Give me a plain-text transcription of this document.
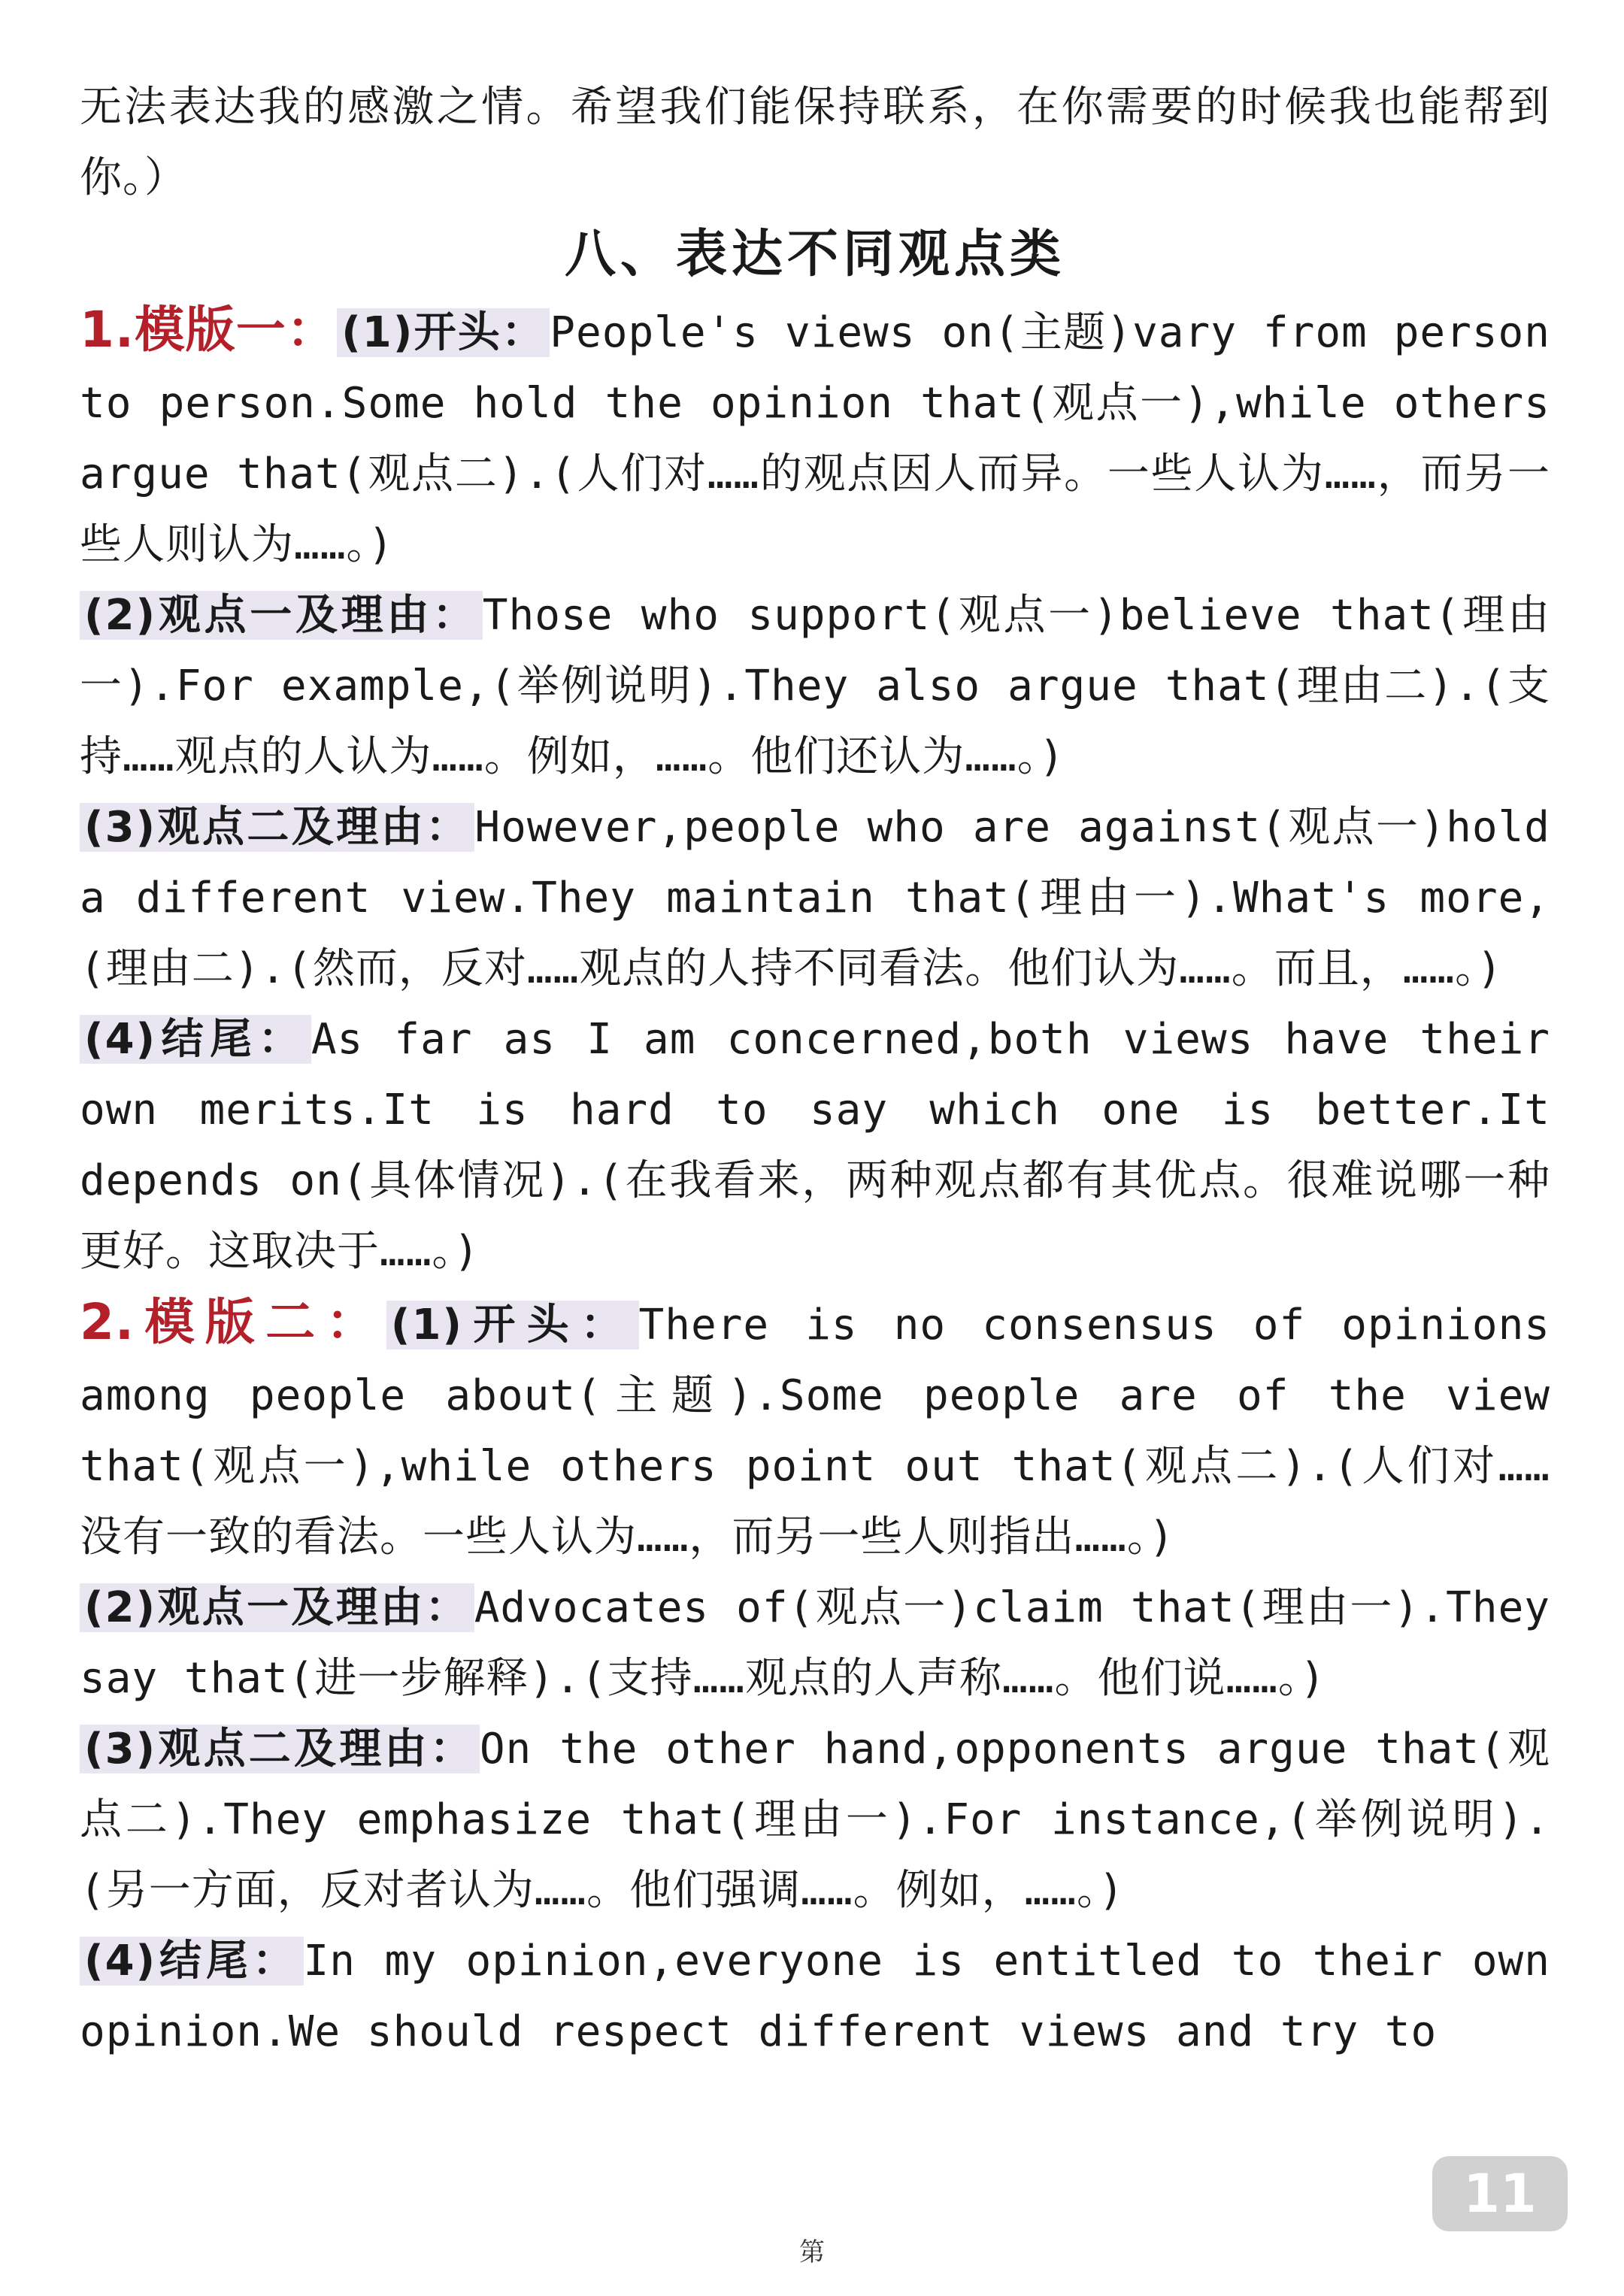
无法表达我的感激之情。希望我们能保持联系，在你需要的时候我也能帮到你。）

八、表达不同观点类

1.模版一： (1)开头： People's views on(主题)vary from person to person.Some hold the opinion that(观点一),while others argue that(观点二).(人们对……的观点因人而异。一些人认为……，而另一些人则认为……。)

(2)观点一及理由： Those who support(观点一)believe that(理由一).For example,(举例说明).They also argue that(理由二).(支持……观点的人认为……。例如，……。他们还认为……。)

(3)观点二及理由： However,people who are against(观点一)hold a different view.They maintain that(理由一).What's more,(理由二).(然而，反对……观点的人持不同看法。他们认为……。而且，……。)

(4)结尾： As far as I am concerned,both views have their own merits.It is hard to say which one is better.It depends on(具体情况).(在我看来，两种观点都有其优点。很难说哪一种更好。这取决于……。)

2.模版二： (1)开头： There is no consensus of opinions among people about(主题).Some people are of the view that(观点一),while others point out that(观点二).(人们对……没有一致的看法。一些人认为……，而另一些人则指出……。)

(2)观点一及理由： Advocates of(观点一)claim that(理由一).They say that(进一步解释).(支持……观点的人声称……。他们说……。)

(3)观点二及理由： On the other hand,opponents argue that(观点二).They emphasize that(理由一).For instance,(举例说明).(另一方面，反对者认为……。他们强调……。例如，……。)

(4)结尾： In my opinion,everyone is entitled to their own opinion.We should respect different views and try to

11
第
